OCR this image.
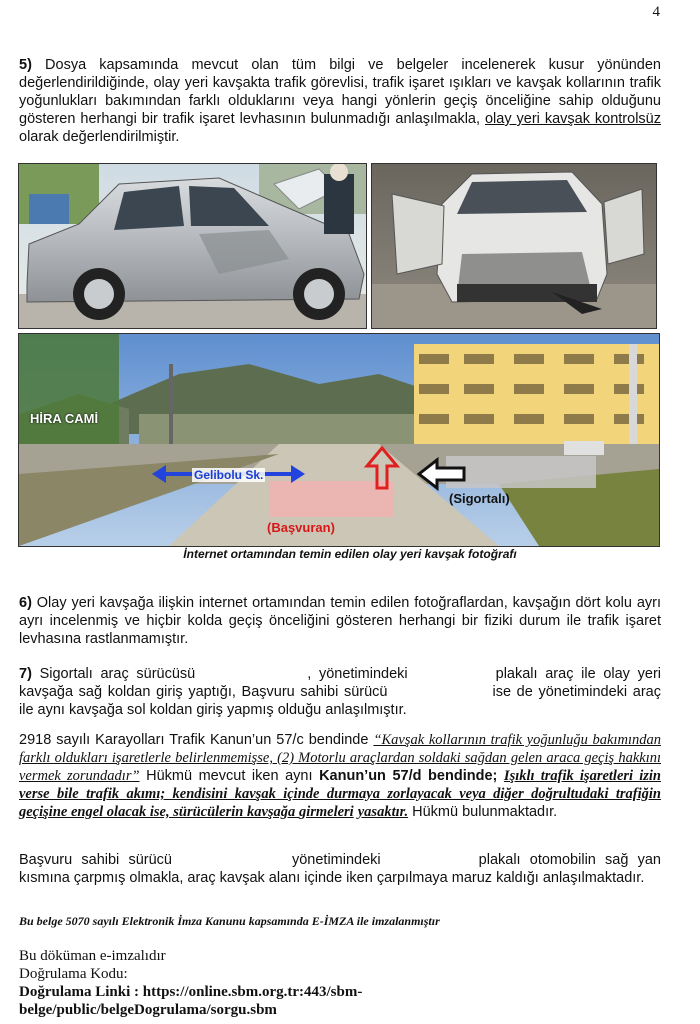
4
5) Dosya kapsamında mevcut olan tüm bilgi ve belgeler incelenerek kusur yönünden değerlendirildiğinde, olay yeri kavşakta trafik görevlisi, trafik işaret ışıkları ve kavşak kollarının trafik yoğunlukları bakımından farklı olduklarını veya hangi yönlerin geçiş önceliğine sahip olduğunu gösteren herhangi bir trafik işaret levhasının bulunmadığı anlaşılmakla, olay yeri kavşak kontrolsüz olarak değerlendirilmiştir.
HİRA CAMİ
Gelibolu Sk.
(Başvuran)
(Sigortalı)
İnternet ortamından temin edilen olay yeri kavşak fotoğrafı
6) Olay yeri kavşağa ilişkin internet ortamından temin edilen fotoğraflardan, kavşağın dört kolu ayrı ayrı incelenmiş ve hiçbir kolda geçiş önceliğini gösteren herhangi bir fiziki durum ile trafik işaret levhasına rastlanmamıştır.
7) Sigortalı araç sürücüsü	, yönetimindeki	plakalı araç ile olay yeri kavşağa sağ koldan giriş yaptığı, Başvuru sahibi sürücü	ise de yönetimindeki araç ile aynı kavşağa sol koldan giriş yapmış olduğu anlaşılmıştır.
2918 sayılı Karayolları Trafik Kanun’un 57/c bendinde “Kavşak kollarının trafik yoğunluğu bakımından farklı oldukları işaretlerle belirlenmemişse, (2) Motorlu araçlardan soldaki sağdan gelen araca geçiş hakkını vermek zorundadır” Hükmü mevcut iken aynı Kanun’un 57/d bendinde; Işıklı trafik işaretleri izin verse bile trafik akımı; kendisini kavşak içinde durmaya zorlayacak veya diğer doğrultudaki trafiğin geçişine engel olacak ise, sürücülerin kavşağa girmeleri yasaktır. Hükmü bulunmaktadır.
Başvuru sahibi sürücü	yönetimindeki	plakalı otomobilin sağ yan kısmına çarpmış olmakla, araç kavşak alanı içinde iken çarpılmaya maruz kaldığı anlaşılmaktadır.
Bu belge 5070 sayılı Elektronik İmza Kanunu kapsamında E-İMZA ile imzalanmıştır
Bu döküman e-imzalıdır
Doğrulama Kodu:
Doğrulama Linki : https://online.sbm.org.tr:443/sbm-
belge/public/belgeDogrulama/sorgu.sbm
